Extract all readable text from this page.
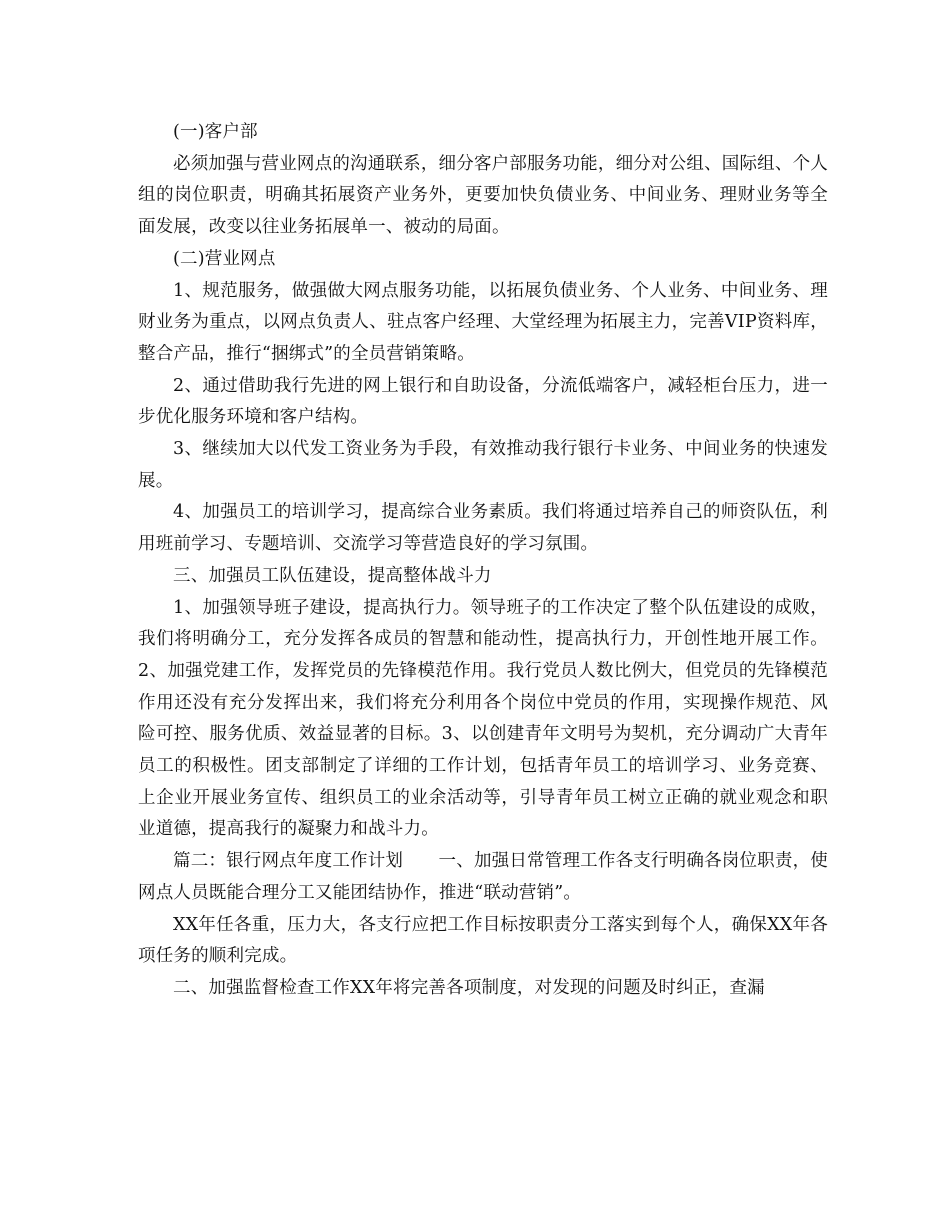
(一)客户部

必须加强与营业网点的沟通联系，细分客户部服务功能，细分对公组、国际组、个人组的岗位职责，明确其拓展资产业务外，更要加快负债业务、中间业务、理财业务等全面发展，改变以往业务拓展单一、被动的局面。

(二)营业网点

1、规范服务，做强做大网点服务功能，以拓展负债业务、个人业务、中间业务、理财业务为重点，以网点负责人、驻点客户经理、大堂经理为拓展主力，完善VIP资料库，整合产品，推行“捆绑式”的全员营销策略。

2、通过借助我行先进的网上银行和自助设备，分流低端客户，减轻柜台压力，进一步优化服务环境和客户结构。

3、继续加大以代发工资业务为手段，有效推动我行银行卡业务、中间业务的快速发展。

4、加强员工的培训学习，提高综合业务素质。我们将通过培养自己的师资队伍，利用班前学习、专题培训、交流学习等营造良好的学习氛围。

三、加强员工队伍建设，提高整体战斗力

1、加强领导班子建设，提高执行力。领导班子的工作决定了整个队伍建设的成败，我们将明确分工，充分发挥各成员的智慧和能动性，提高执行力，开创性地开展工作。2、加强党建工作，发挥党员的先锋模范作用。我行党员人数比例大，但党员的先锋模范作用还没有充分发挥出来，我们将充分利用各个岗位中党员的作用，实现操作规范、风险可控、服务优质、效益显著的目标。3、以创建青年文明号为契机，充分调动广大青年员工的积极性。团支部制定了详细的工作计划，包括青年员工的培训学习、业务竞赛、上企业开展业务宣传、组织员工的业余活动等，引导青年员工树立正确的就业观念和职业道德，提高我行的凝聚力和战斗力。

篇二：银行网点年度工作计划　　一、加强日常管理工作各支行明确各岗位职责，使网点人员既能合理分工又能团结协作，推进“联动营销”。

XX年任各重，压力大，各支行应把工作目标按职责分工落实到每个人，确保XX年各项任务的顺利完成。

二、加强监督检查工作XX年将完善各项制度，对发现的问题及时纠正，查漏
